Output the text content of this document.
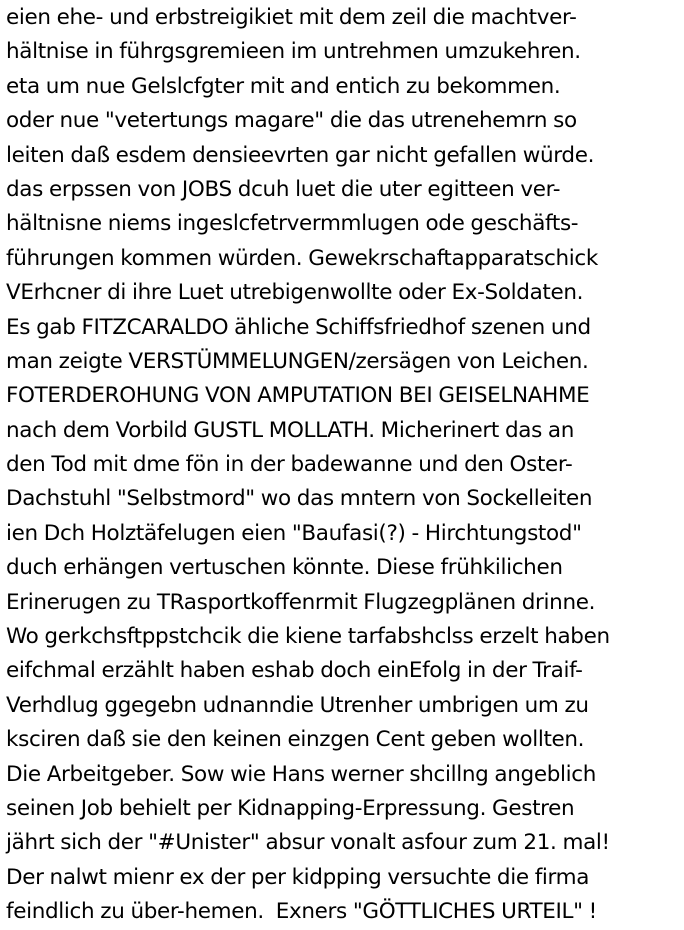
eien ehe- und erbstreigikiet mit dem zeil die machtver-
hältnise in führgsgremieen im untrehmen umzukehren.
eta um nue Gelslcfgter mit and entich zu bekommen.
oder nue "vetertungs magare" die das utrenehemrn so
leiten daß esdem densieevrten gar nicht gefallen würde.
das erpssen von JOBS dcuh luet die uter egitteen ver-
hältnisne niems ingeslcfetrvermmlugen ode geschäfts-
führungen kommen würden. Gewekrschaftapparatschick
VErhcner di ihre Luet utrebigenwollte oder Ex-Soldaten.
Es gab FITZCARALDO ähliche Schiffsfriedhof szenen und
man zeigte VERSTÜMMELUNGEN/zersägen von Leichen.
FOTERDEROHUNG VON AMPUTATION BEI GEISELNAHME
nach dem Vorbild GUSTL MOLLATH. Micherinert das an
den Tod mit dme fön in der badewanne und den Oster-
Dachstuhl "Selbstmord" wo das mntern von Sockelleiten
ien Dch Holztäfelugen eien "Baufasi(?) - Hirchtungstod"
duch erhängen vertuschen könnte. Diese frühkilichen
Erinerugen zu TRasportkoffenrmit Flugzegplänen drinne.
Wo gerkchsftppstchcik die kiene tarfabshclss erzelt haben
eifchmal erzählt haben eshab doch einEfolg in der Traif-
Verhdlug ggegebn udnanndie Utrenher umbrigen um zu
ksciren daß sie den keinen einzgen Cent geben wollten.
Die Arbeitgeber. Sow wie Hans werner shcillng angeblich
seinen Job behielt per Kidnapping-Erpressung. Gestren
jährt sich der "#Unister" absur vonalt asfour zum 21. mal!
Der nalwt mienr ex der per kidpping versuchte die firma
feindlich zu über-hemen.  Exners "GÖTTLICHES URTEIL" !
